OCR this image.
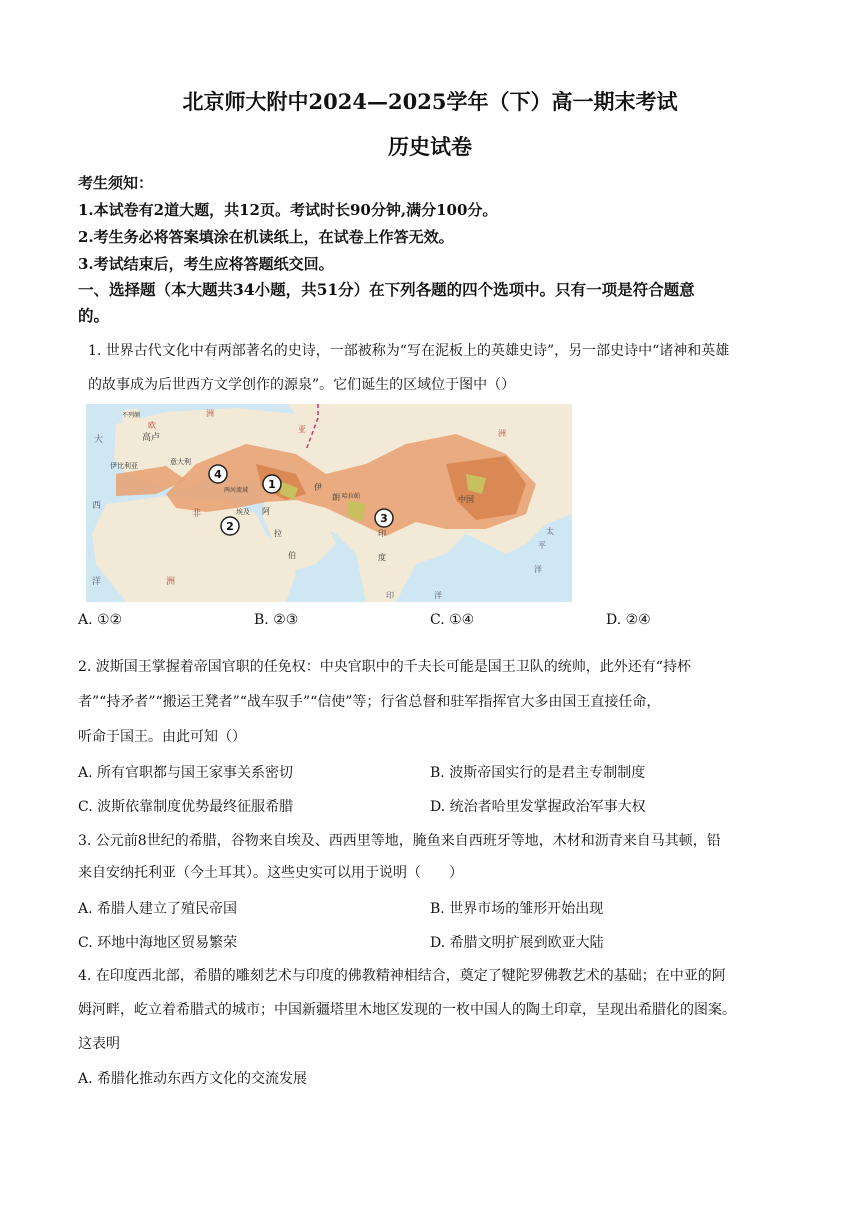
北京师大附中2024—2025学年（下）高一期末考试
历史试卷
考生须知：
1.本试卷有2道大题，共12页。考试时长90分钟,满分100分。
2.考生务必将答案填涂在机读纸上，在试卷上作答无效。
3.考试结束后，考生应将答题纸交回。
一、选择题（本大题共34小题，共51分）在下列各题的四个选项中。只有一项是符合题意
的。
1. 世界古代文化中有两部著名的史诗，一部被称为“写在泥板上的英雄史诗”，另一部史诗中“诸神和英雄
的故事成为后世西方文学创作的源泉”。它们诞生的区域位于图中（）
不列颠
欧
洲
高卢
意大利
伊比利亚
大
西
洋
非
洲
两河流域
埃及 阿
拉
伯
亚	洲
伊
朗 哈拉帕
印
度
中国
太
平
洋
印	洋
1
2
3
4
A. ①②	B. ②③	C. ①④	D. ②④
2. 波斯国王掌握着帝国官职的任免权：中央官职中的千夫长可能是国王卫队的统帅，此外还有“持杯
者”“持矛者”“搬运王凳者”“战车驭手”“信使”等；行省总督和驻军指挥官大多由国王直接任命，
听命于国王。由此可知（）
A. 所有官职都与国王家事关系密切	B. 波斯帝国实行的是君主专制制度
C. 波斯依靠制度优势最终征服希腊	D. 统治者哈里发掌握政治军事大权
3. 公元前8世纪的希腊，谷物来自埃及、西西里等地，腌鱼来自西班牙等地，木材和沥青来自马其顿，铅
来自安纳托利亚（今土耳其）。这些史实可以用于说明（　　）
A. 希腊人建立了殖民帝国	B. 世界市场的雏形开始出现
C. 环地中海地区贸易繁荣	D. 希腊文明扩展到欧亚大陆
4. 在印度西北部，希腊的雕刻艺术与印度的佛教精神相结合，奠定了犍陀罗佛教艺术的基础；在中亚的阿
姆河畔，屹立着希腊式的城市；中国新疆塔里木地区发现的一枚中国人的陶土印章，呈现出希腊化的图案。
这表明
A. 希腊化推动东西方文化的交流发展
